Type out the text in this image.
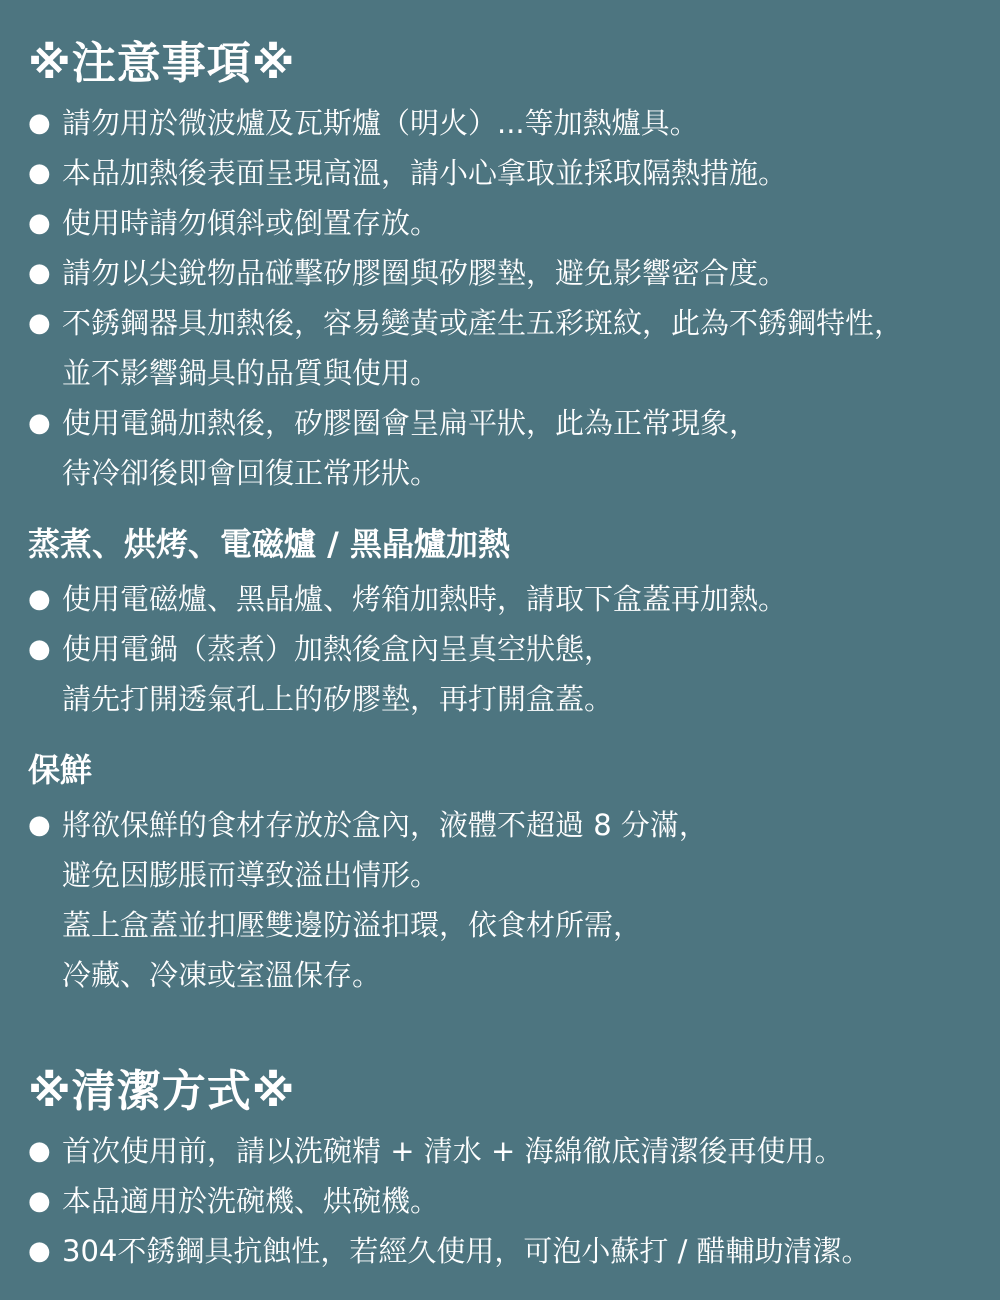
※注意事項※
● 請勿用於微波爐及瓦斯爐（明火）...等加熱爐具。
● 本品加熱後表面呈現高溫，請小心拿取並採取隔熱措施。
● 使用時請勿傾斜或倒置存放。
● 請勿以尖銳物品碰擊矽膠圈與矽膠墊，避免影響密合度。
● 不銹鋼器具加熱後，容易變黃或產生五彩斑紋，此為不銹鋼特性，
並不影響鍋具的品質與使用。
● 使用電鍋加熱後，矽膠圈會呈扁平狀，此為正常現象，
待冷卻後即會回復正常形狀。
蒸煮、烘烤、電磁爐 / 黑晶爐加熱
● 使用電磁爐、黑晶爐、烤箱加熱時，請取下盒蓋再加熱。
● 使用電鍋（蒸煮）加熱後盒內呈真空狀態，
請先打開透氣孔上的矽膠墊，再打開盒蓋。
保鮮
● 將欲保鮮的食材存放於盒內，液體不超過 8 分滿，
避免因膨脹而導致溢出情形。
蓋上盒蓋並扣壓雙邊防溢扣環，依食材所需，
冷藏、冷凍或室溫保存。
※清潔方式※
● 首次使用前，請以洗碗精 + 清水 + 海綿徹底清潔後再使用。
● 本品適用於洗碗機、烘碗機。
● 304不銹鋼具抗蝕性，若經久使用，可泡小蘇打 / 醋輔助清潔。
